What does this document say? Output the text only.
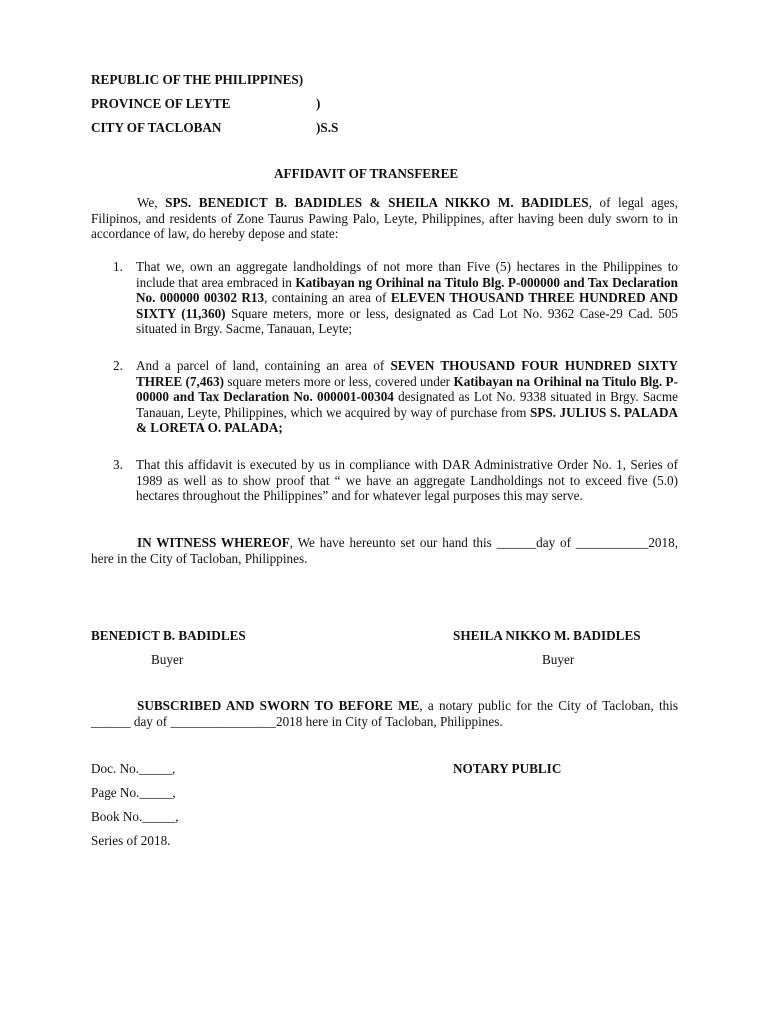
REPUBLIC OF THE PHILIPPINES)
PROVINCE OF LEYTE	)
CITY OF TACLOBAN	)S.S
AFFIDAVIT OF TRANSFEREE
We, SPS. BENEDICT B. BADIDLES & SHEILA NIKKO M. BADIDLES, of legal ages, Filipinos, and residents of Zone Taurus Pawing Palo, Leyte, Philippines, after having been duly sworn to in accordance of law, do hereby depose and state:
1. That we, own an aggregate landholdings of not more than Five (5) hectares in the Philippines to include that area embraced in Katibayan ng Orihinal na Titulo Blg. P-000000 and Tax Declaration No. 000000 00302 R13, containing an area of ELEVEN THOUSAND THREE HUNDRED AND SIXTY (11,360) Square meters, more or less, designated as Cad Lot No. 9362 Case-29 Cad. 505 situated in Brgy. Sacme, Tanauan, Leyte;
2. And a parcel of land, containing an area of SEVEN THOUSAND FOUR HUNDRED SIXTY THREE (7,463) square meters more or less, covered under Katibayan na Orihinal na Titulo Blg. P-00000 and Tax Declaration No. 000001-00304 designated as Lot No. 9338 situated in Brgy. Sacme Tanauan, Leyte, Philippines, which we acquired by way of purchase from SPS. JULIUS S. PALADA & LORETA O. PALADA;
3. That this affidavit is executed by us in compliance with DAR Administrative Order No. 1, Series of 1989 as well as to show proof that “ we have an aggregate Landholdings not to exceed five (5.0) hectares throughout the Philippines” and for whatever legal purposes this may serve.
IN WITNESS WHEREOF, We have hereunto set our hand this ______day of ___________2018, here in the City of Tacloban, Philippines.
BENEDICT B. BADIDLES
Buyer
SHEILA NIKKO M. BADIDLES
Buyer
SUBSCRIBED AND SWORN TO BEFORE ME, a notary public for the City of Tacloban, this ______ day of ________________2018 here in City of Tacloban, Philippines.
Doc. No._____,
Page No._____,
Book No._____,
Series of 2018.
NOTARY PUBLIC
